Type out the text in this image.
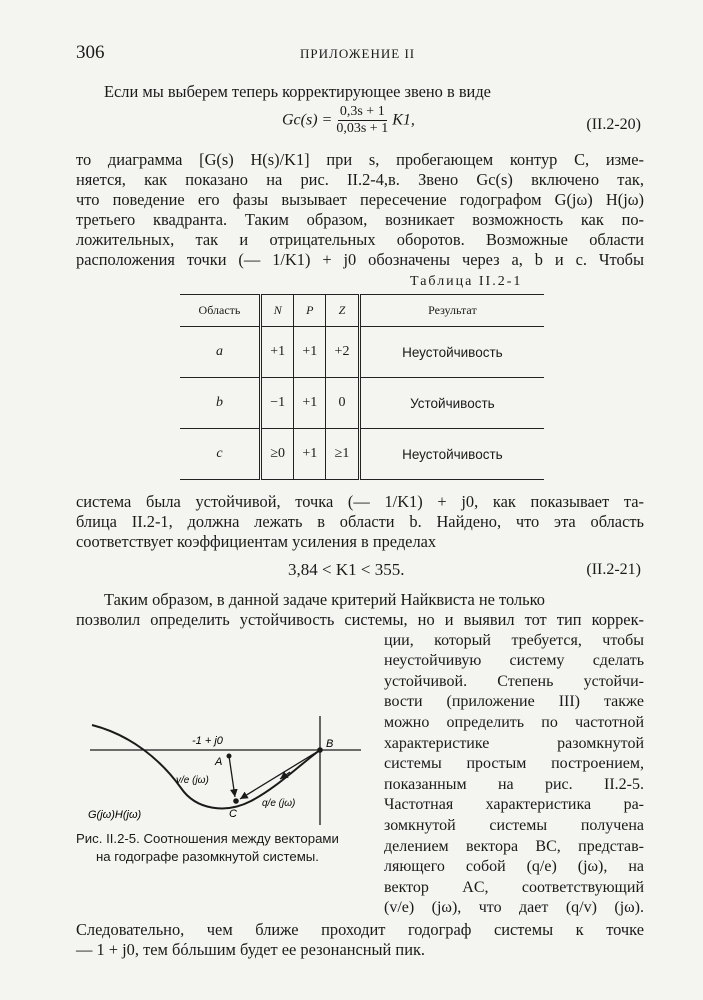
306	ПРИЛОЖЕНИЕ II
Если мы выберем теперь корректирующее звено в виде
$Gc(s) = \frac{0,3s + 1}{0,03s + 1} K1$,	(II.2-20)
то диаграмма [G(s) H(s)/K1] при s, пробегающем контур C, изме-
няется, как показано на рис. II.2-4,в. Звено Gc(s) включено так,
что поведение его фазы вызывает пересечение годографом G(jω) H(jω)
третьего квадранта. Таким образом, возникает возможность как по-
ложительных, так и отрицательных оборотов. Возможные области
расположения точки (— 1/K1) + j0 обозначены через a, b и c. Чтобы
Таблица II.2-1
Область	N	P	Z	Результат
a	+1	+1	+2	Неустойчивость
b	−1	+1	0	Устойчивость
c	≥0	+1	≥1	Неустойчивость
система была устойчивой, точка (— 1/K1) + j0, как показывает та-
блица II.2-1, должна лежать в области b. Найдено, что эта область
соответствует коэффициентам усиления в пределах
3,84 < K1 < 355.	(II.2-21)
Таким образом, в данной задаче критерий Найквиста не только
позволил определить устойчивость системы, но и выявил тот тип коррек-
ции, который требуется, чтобы
неустойчивую систему сделать
устойчивой. Степень устойчи-
вости (приложение III) также
можно определить по частотной
характеристике разомкнутой
системы простым построением,
показанным на рис. II.2-5.
Частотная характеристика ра-
зомкнутой системы получена
делением вектора BC, представ-
ляющего собой (q/e) (jω), на
вектор AC, соответствующий
(v/e) (jω), что дает (q/v) (jω).
Следовательно, чем ближе проходит годограф системы к точке
— 1 + j0, тем бóльшим будет ее резонансный пик.
-1 + j0
A
B
C
v/e (jω)
q/e (jω)
G(jω)H(jω)
Рис. II.2-5. Соотношения между векторами
на годографе разомкнутой системы.
